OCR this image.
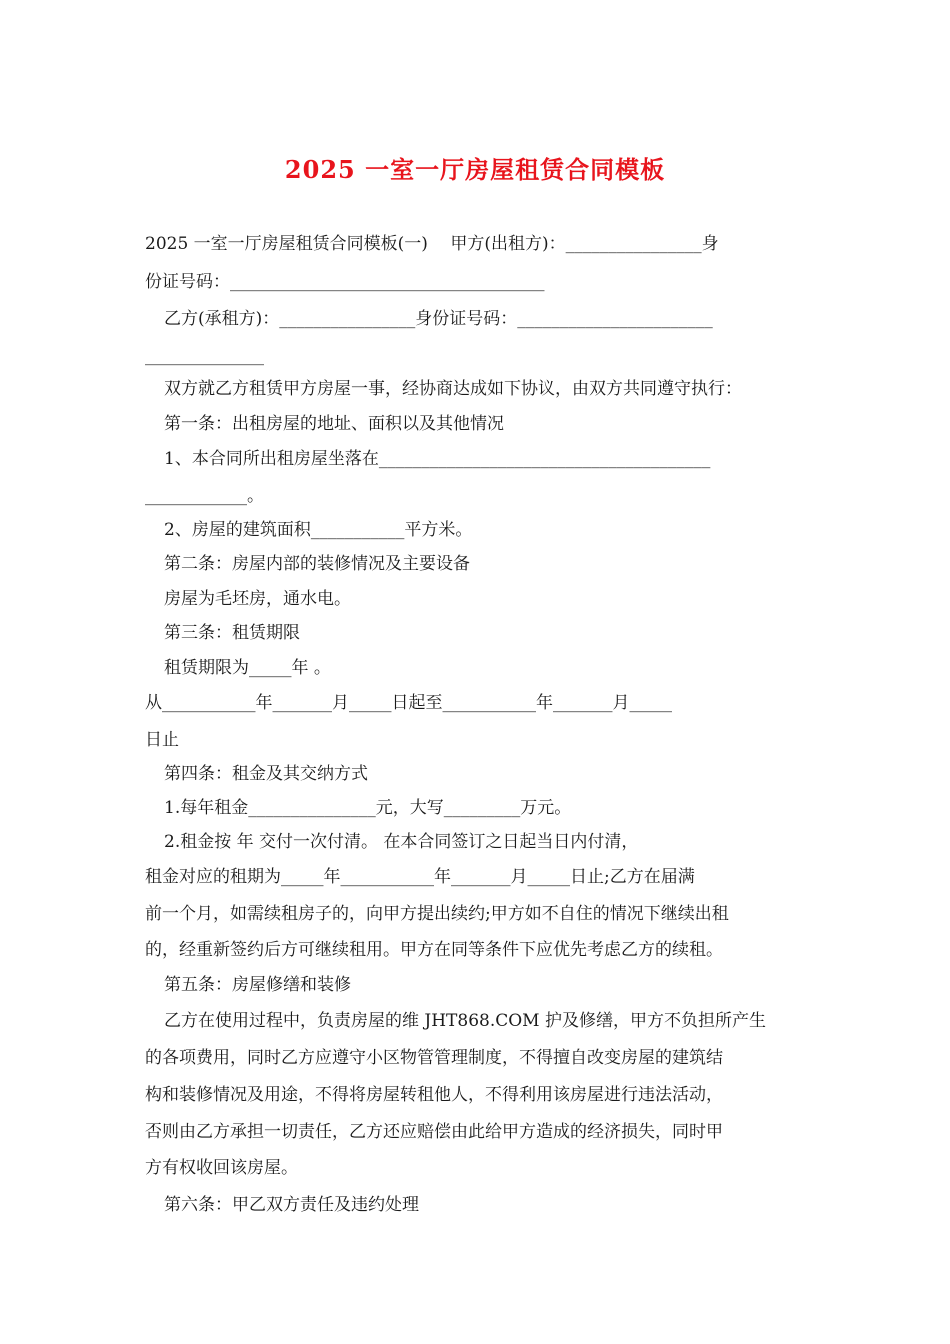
2025 一室一厅房屋租赁合同模板
2025 一室一厅房屋租赁合同模板(一)　 甲方(出租方)：________________身
份证号码：_____________________________________
乙方(承租方)：________________身份证号码：_______________________
______________
双方就乙方租赁甲方房屋一事，经协商达成如下协议，由双方共同遵守执行：
第一条：出租房屋的地址、面积以及其他情况
1、本合同所出租房屋坐落在_______________________________________
____________。
2、房屋的建筑面积___________平方米。
第二条：房屋内部的装修情况及主要设备
房屋为毛坯房，通水电。
第三条：租赁期限
租赁期限为_____年 。
从___________年_______月_____日起至___________年_______月_____
日止
第四条：租金及其交纳方式
1.每年租金_______________元，大写_________万元。
2.租金按 年 交付一次付清。 在本合同签订之日起当日内付清，
租金对应的租期为_____年___________年_______月_____日止;乙方在届满
前一个月，如需续租房子的，向甲方提出续约;甲方如不自住的情况下继续出租
的，经重新签约后方可继续租用。甲方在同等条件下应优先考虑乙方的续租。
第五条：房屋修缮和装修
乙方在使用过程中，负责房屋的维 JHT868.COM 护及修缮，甲方不负担所产生
的各项费用，同时乙方应遵守小区物管管理制度，不得擅自改变房屋的建筑结
构和装修情况及用途，不得将房屋转租他人，不得利用该房屋进行违法活动，
否则由乙方承担一切责任，乙方还应赔偿由此给甲方造成的经济损失，同时甲
方有权收回该房屋。
第六条：甲乙双方责任及违约处理
